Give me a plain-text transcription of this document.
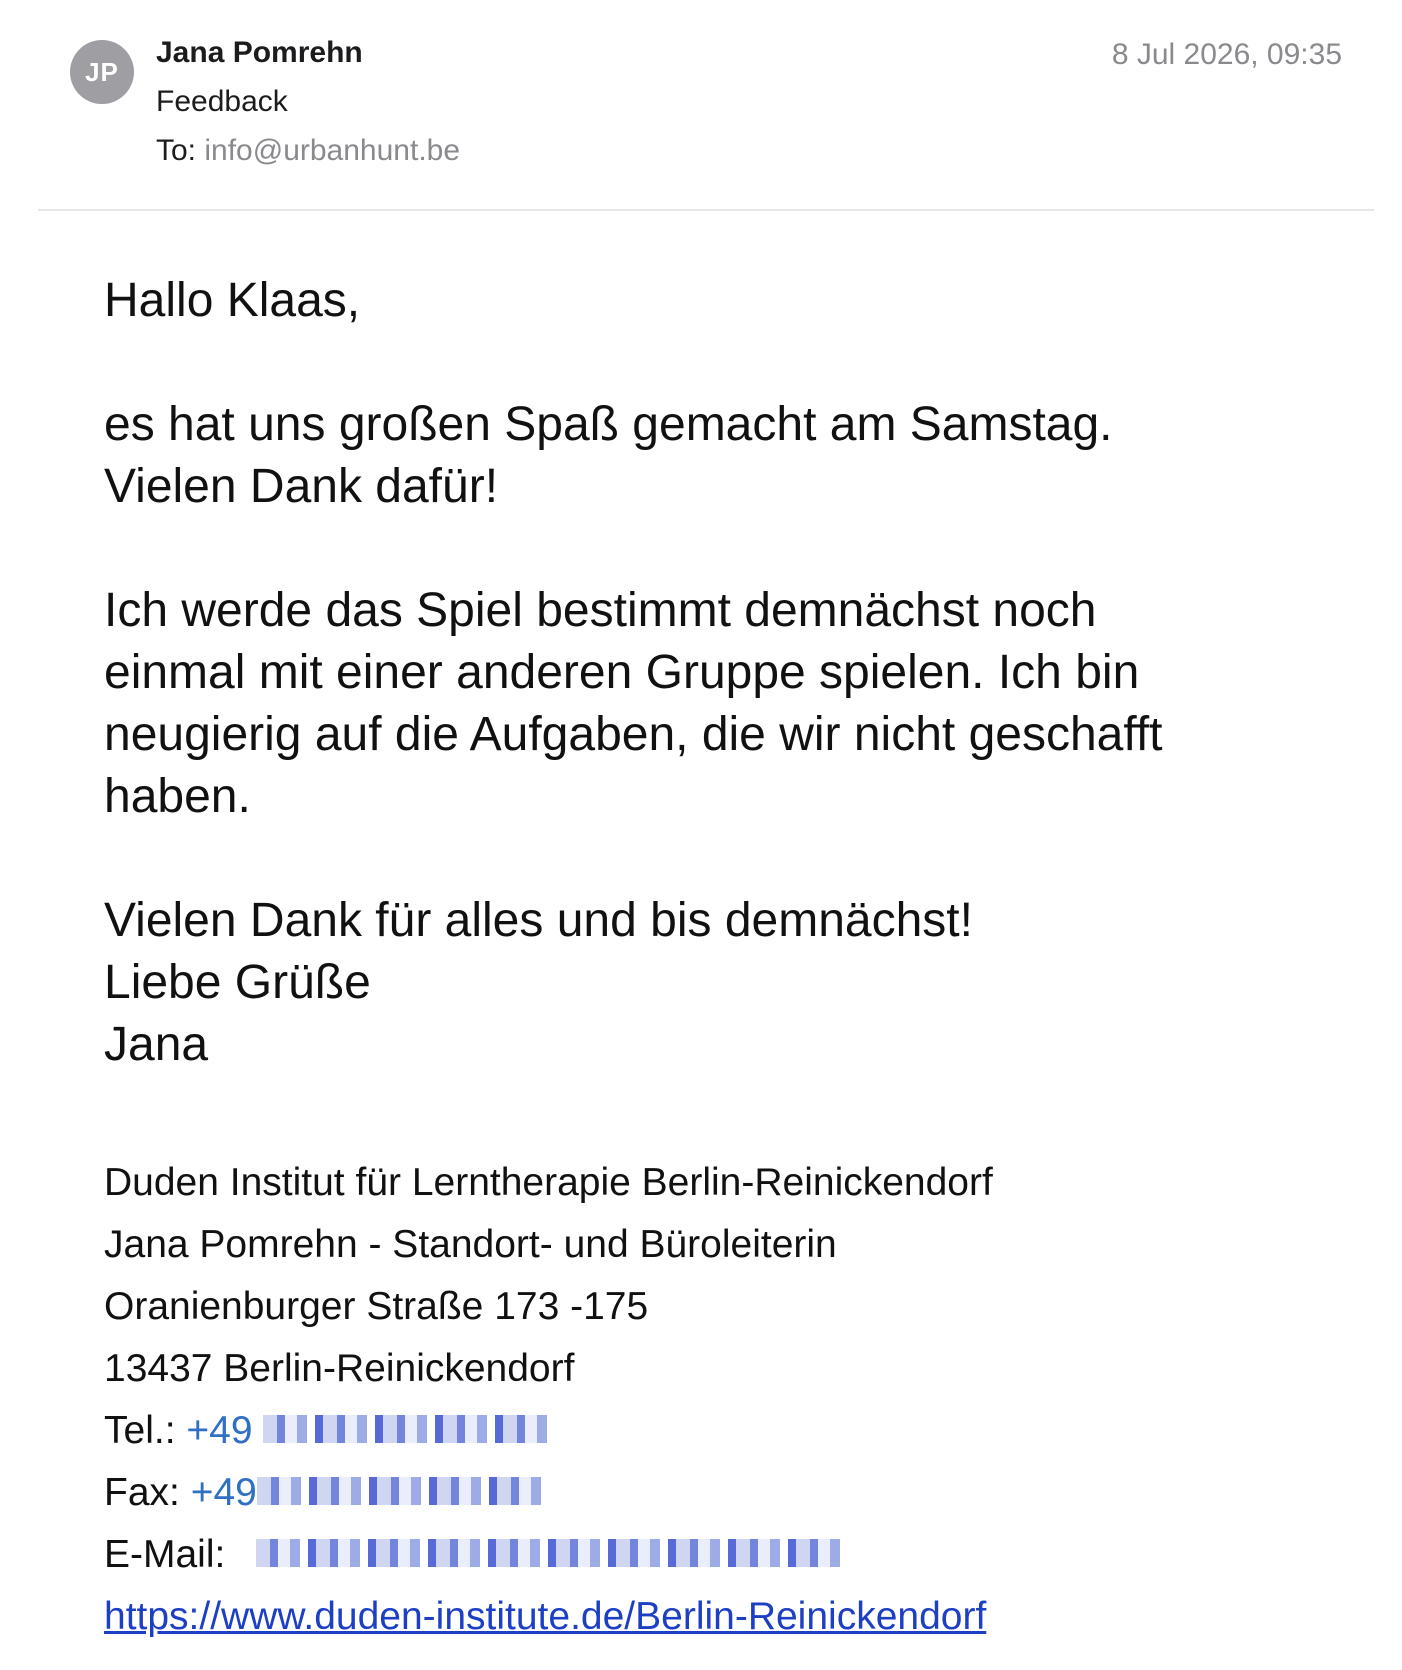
JP
Jana Pomrehn
Feedback
To: info@urbanhunt.be
8 Jul 2026, 09:35

Hallo Klaas,

es hat uns großen Spaß gemacht am Samstag. Vielen Dank dafür!

Ich werde das Spiel bestimmt demnächst noch einmal mit einer anderen Gruppe spielen. Ich bin neugierig auf die Aufgaben, die wir nicht geschafft haben.

Vielen Dank für alles und bis demnächst!
Liebe Grüße
Jana

Duden Institut für Lerntherapie Berlin-Reinickendorf
Jana Pomrehn - Standort- und Büroleiterin
Oranienburger Straße 173 -175
13437 Berlin-Reinickendorf
Tel.: +49
Fax: +49
E-Mail:
https://www.duden-institute.de/Berlin-Reinickendorf
